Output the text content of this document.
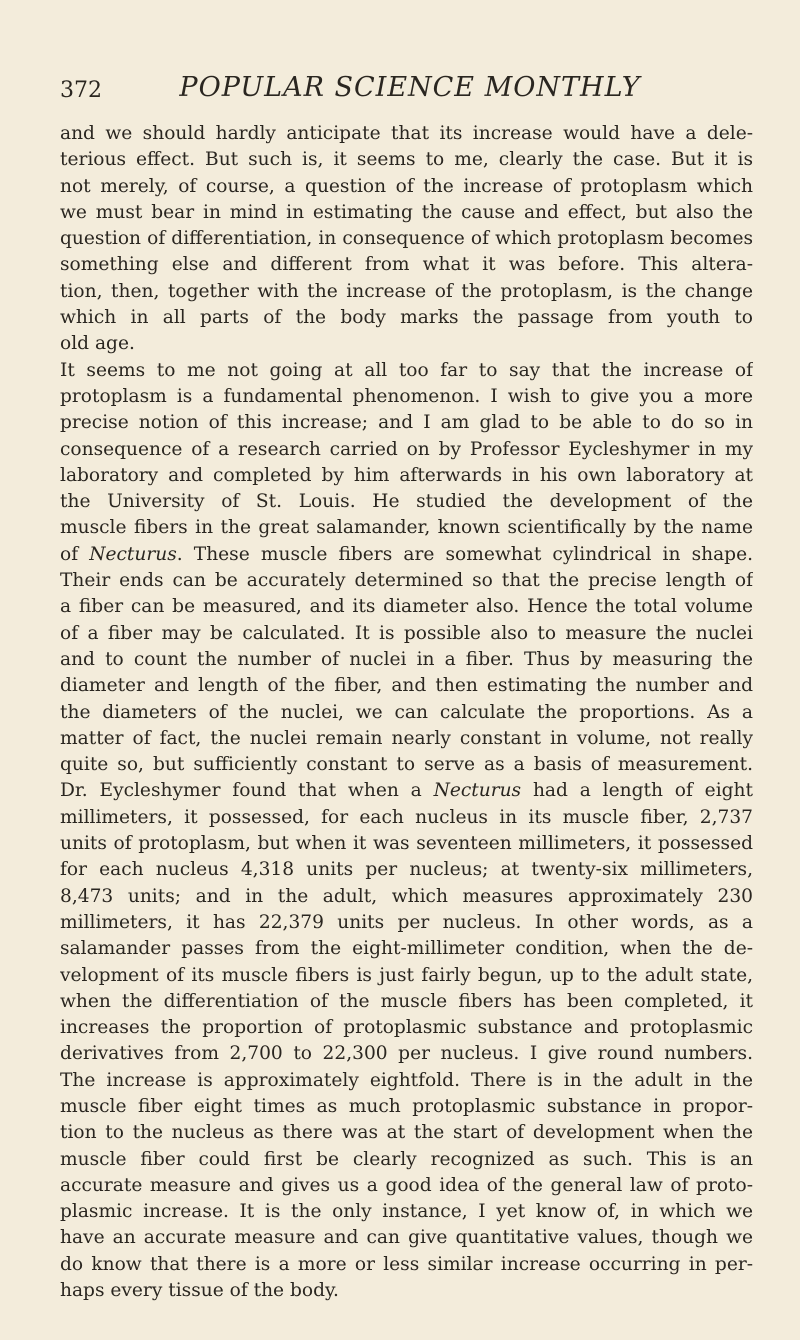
372	POPULAR SCIENCE MONTHLY
and we should hardly anticipate that its increase would have a dele-
terious effect. But such is, it seems to me, clearly the case. But it is
not merely, of course, a question of the increase of protoplasm which
we must bear in mind in estimating the cause and effect, but also the
question of differentiation, in consequence of which protoplasm becomes
something else and different from what it was before. This altera-
tion, then, together with the increase of the protoplasm, is the change
which in all parts of the body marks the passage from youth to
old age.
It seems to me not going at all too far to say that the increase of
protoplasm is a fundamental phenomenon. I wish to give you a more
precise notion of this increase; and I am glad to be able to do so in
consequence of a research carried on by Professor Eycleshymer in my
laboratory and completed by him afterwards in his own laboratory at
the University of St. Louis. He studied the development of the
muscle fibers in the great salamander, known scientifically by the name
of Necturus. These muscle fibers are somewhat cylindrical in shape.
Their ends can be accurately determined so that the precise length of
a fiber can be measured, and its diameter also. Hence the total volume
of a fiber may be calculated. It is possible also to measure the nuclei
and to count the number of nuclei in a fiber. Thus by measuring the
diameter and length of the fiber, and then estimating the number and
the diameters of the nuclei, we can calculate the proportions. As a
matter of fact, the nuclei remain nearly constant in volume, not really
quite so, but sufficiently constant to serve as a basis of measurement.
Dr. Eycleshymer found that when a Necturus had a length of eight
millimeters, it possessed, for each nucleus in its muscle fiber, 2,737
units of protoplasm, but when it was seventeen millimeters, it possessed
for each nucleus 4,318 units per nucleus; at twenty-six millimeters,
8,473 units; and in the adult, which measures approximately 230
millimeters, it has 22,379 units per nucleus. In other words, as a
salamander passes from the eight-millimeter condition, when the de-
velopment of its muscle fibers is just fairly begun, up to the adult state,
when the differentiation of the muscle fibers has been completed, it
increases the proportion of protoplasmic substance and protoplasmic
derivatives from 2,700 to 22,300 per nucleus. I give round numbers.
The increase is approximately eightfold. There is in the adult in the
muscle fiber eight times as much protoplasmic substance in propor-
tion to the nucleus as there was at the start of development when the
muscle fiber could first be clearly recognized as such. This is an
accurate measure and gives us a good idea of the general law of proto-
plasmic increase. It is the only instance, I yet know of, in which we
have an accurate measure and can give quantitative values, though we
do know that there is a more or less similar increase occurring in per-
haps every tissue of the body.
